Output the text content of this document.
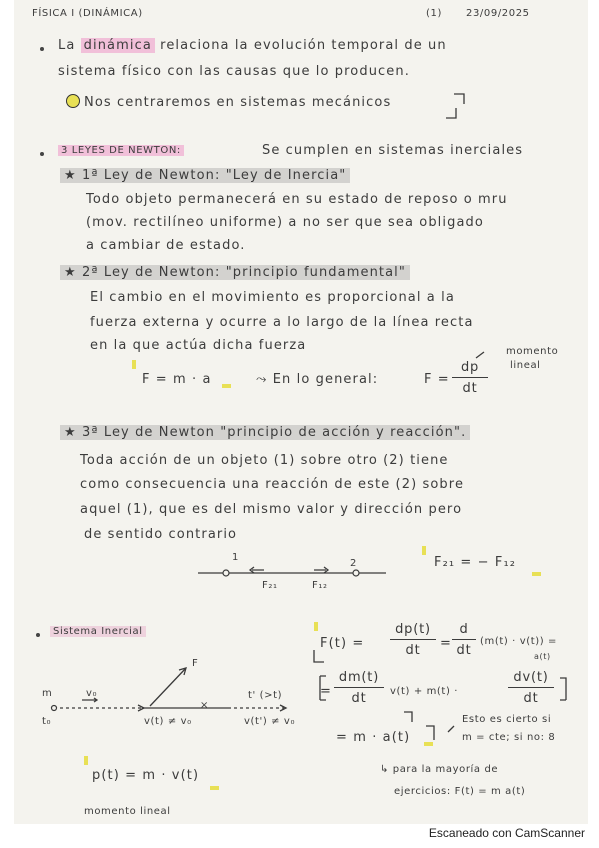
FÍSICA I (DINÁMICA)	(1) 23/09/2025
La dinámica relaciona la evolución temporal de un
sistema físico con las causas que lo producen.
Nos centraremos en sistemas mecánicos
3 LEYES DE NEWTON:	Se cumplen en sistemas inerciales
★ 1ª Ley de Newton: "Ley de Inercia"
Todo objeto permanecerá en su estado de reposo o mru
(mov. rectilíneo uniforme) a no ser que sea obligado
a cambiar de estado.
★ 2ª Ley de Newton: "principio fundamental"
El cambio en el movimiento es proporcional a la
fuerza externa y ocurre a lo largo de la línea recta
en la que actúa dicha fuerza
F = m · a	⤳ En lo general:	$F = \frac{dp}{dt}$
momento
lineal
★ 3ª Ley de Newton "principio de acción y reacción".
Toda acción de un objeto (1) sobre otro (2) tiene
como consecuencia una reacción de este (2) sobre
aquel (1), que es del mismo valor y dirección pero
de sentido contrario
1
2
F₂₁	F₁₂
F₂₁ = − F₁₂
Sistema Inercial
m	v₀
t₀
F
v(t) ≠ v₀
×
t' (>t)
v(t') ≠ v₀
p(t) = m · v(t)
momento lineal
$F(t) = \frac{dp(t)}{dt} = \frac{d}{dt} (m(t) \cdot v(t))$ =
a(t)
= $\frac{dm(t)}{dt} v(t) + m(t)$ ·	$\frac{dv(t)}{dt}$
= m · a(t)
Esto es cierto si
m = cte; si no: 8
↳ para la mayoría de
ejercicios: F(t) = m a(t)
Escaneado con CamScanner
